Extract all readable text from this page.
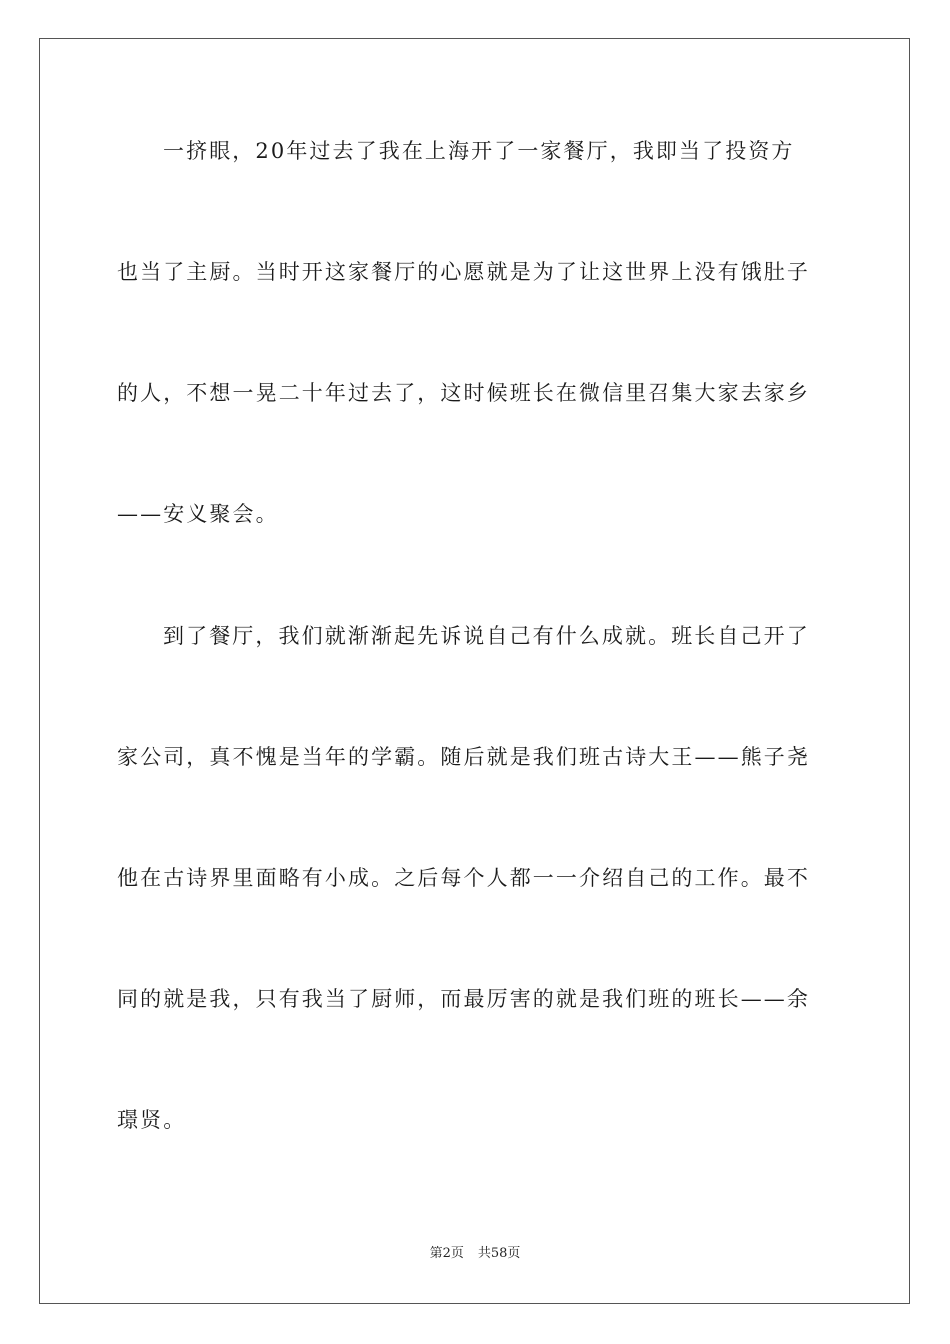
一挤眼，20年过去了我在上海开了一家餐厅，我即当了投资方
也当了主厨。当时开这家餐厅的心愿就是为了让这世界上没有饿肚子
的人，不想一晃二十年过去了，这时候班长在微信里召集大家去家乡
——安义聚会。
到了餐厅，我们就渐渐起先诉说自己有什么成就。班长自己开了
家公司，真不愧是当年的学霸。随后就是我们班古诗大王——熊子尧
他在古诗界里面略有小成。之后每个人都一一介绍自己的工作。最不
同的就是我，只有我当了厨师，而最厉害的就是我们班的班长——余
璟贤。
第2页 共58页
